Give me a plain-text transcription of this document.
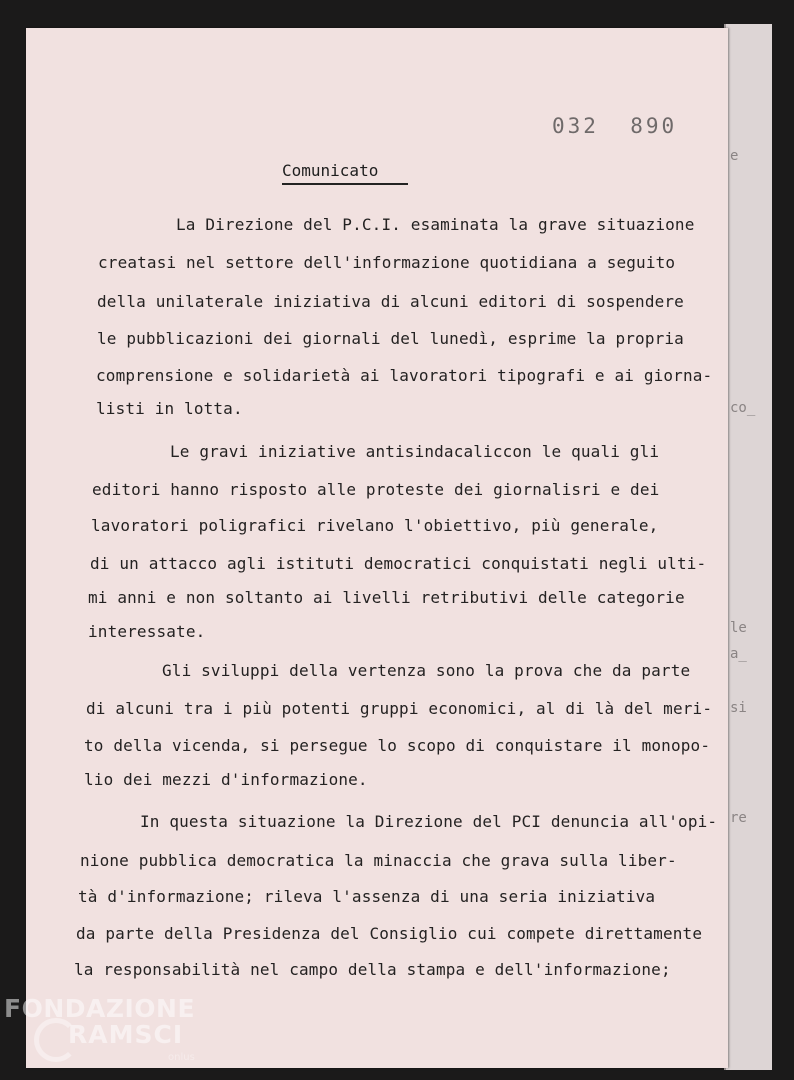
e
co_
le
a_
si
re
032  890
Comunicato
La Direzione del P.C.I. esaminata la grave situazione
creatasi nel settore dell'informazione quotidiana a seguito
della unilaterale iniziativa di alcuni editori di sospendere
le pubblicazioni dei giornali del lunedì, esprime la propria
comprensione e solidarietà ai lavoratori tipografi e ai giorna-
listi in lotta.
Le gravi iniziative antisindacaliccon le quali gli
editori hanno risposto alle proteste dei giornalisri e dei
lavoratori poligrafici rivelano l'obiettivo, più generale,
di un attacco agli istituti democratici conquistati negli ulti-
mi anni e non soltanto ai livelli retributivi delle categorie
interessate.
Gli sviluppi della vertenza sono la prova che da parte
di alcuni tra i più potenti gruppi economici, al di là del meri-
to della vicenda, si persegue lo scopo di conquistare il monopo-
lio dei mezzi d'informazione.
In questa situazione la Direzione del PCI denuncia all'opi-
nione pubblica democratica la minaccia che grava sulla liber-
tà d'informazione; rileva l'assenza di una seria iniziativa
da parte della Presidenza del Consiglio cui compete direttamente
la responsabilità nel campo della stampa e dell'informazione;
FONDAZIONE
RAMSCI
onlus
